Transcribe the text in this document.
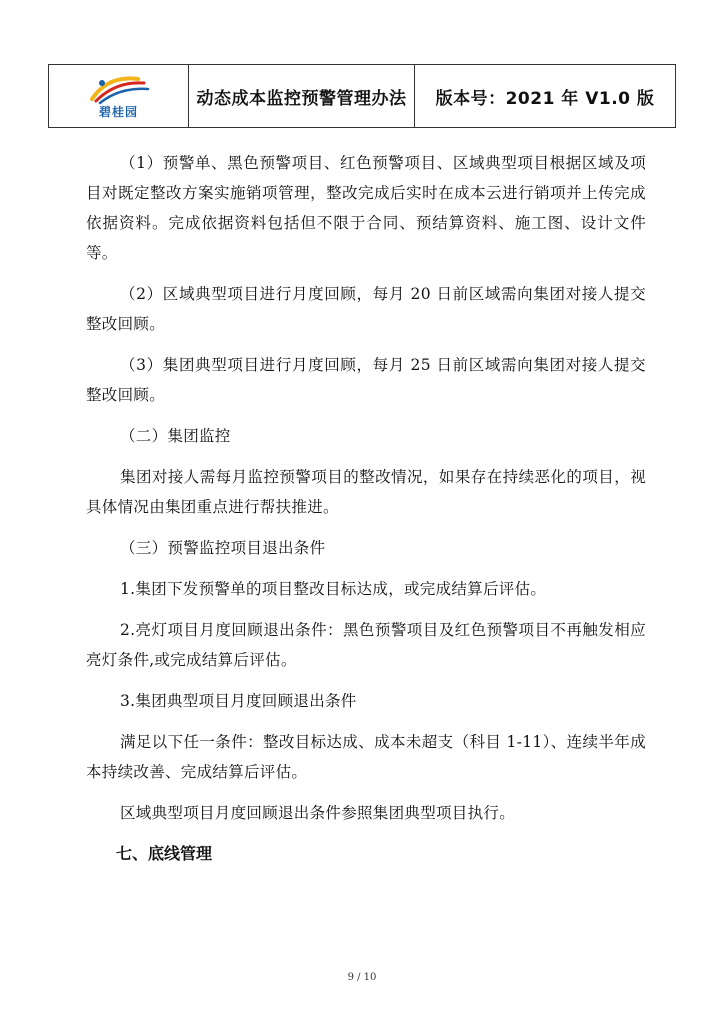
碧桂园
动态成本监控预警管理办法 版本号：2021 年 V1.0 版

（1）预警单、黑色预警项目、红色预警项目、区域典型项目根据区域及项目对既定整改方案实施销项管理，整改完成后实时在成本云进行销项并上传完成依据资料。完成依据资料包括但不限于合同、预结算资料、施工图、设计文件等。

（2）区域典型项目进行月度回顾，每月 20 日前区域需向集团对接人提交整改回顾。

（3）集团典型项目进行月度回顾，每月 25 日前区域需向集团对接人提交整改回顾。

（二）集团监控

集团对接人需每月监控预警项目的整改情况，如果存在持续恶化的项目，视具体情况由集团重点进行帮扶推进。

（三）预警监控项目退出条件

1.集团下发预警单的项目整改目标达成，或完成结算后评估。

2.亮灯项目月度回顾退出条件：黑色预警项目及红色预警项目不再触发相应亮灯条件,或完成结算后评估。

3.集团典型项目月度回顾退出条件

满足以下任一条件：整改目标达成、成本未超支（科目 1-11）、连续半年成本持续改善、完成结算后评估。

区域典型项目月度回顾退出条件参照集团典型项目执行。

七、底线管理

9 / 10
